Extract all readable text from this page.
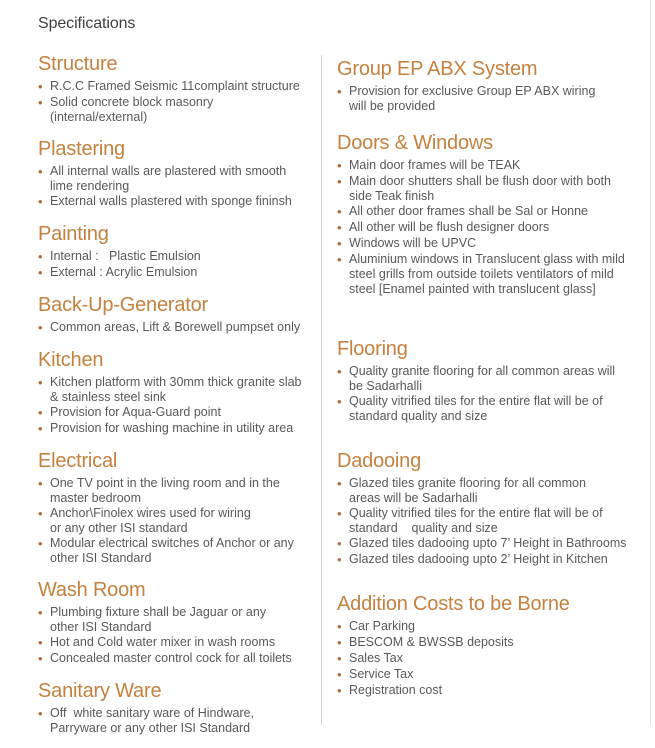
Specifications
Structure
•
R.C.C Framed Seismic 11complaint structure
•
Solid concrete block masonry
(internal/external)
Plastering
•
All internal walls are plastered with smooth
lime rendering
•
External walls plastered with sponge fininsh
Painting
•
Internal :   Plastic Emulsion
•
External : Acrylic Emulsion
Back-Up-Generator
•
Common areas, Lift & Borewell pumpset only
Kitchen
•
Kitchen platform with 30mm thick granite slab
& stainless steel sink
•
Provision for Aqua-Guard point
•
Provision for washing machine in utility area
Electrical
•
One TV point in the living room and in the
master bedroom
•
Anchor\Finolex wires used for wiring
or any other ISI standard
•
Modular electrical switches of Anchor or any
other ISI Standard
Wash Room
•
Plumbing fixture shall be Jaguar or any
other ISI Standard
•
Hot and Cold water mixer in wash rooms
•
Concealed master control cock for all toilets
Sanitary Ware
•
Off  white sanitary ware of Hindware,
Parryware or any other ISI Standard
Group EP ABX System
•
Provision for exclusive Group EP ABX wiring
will be provided
Doors & Windows
•
Main door frames will be TEAK
•
Main door shutters shall be flush door with both
side Teak finish
•
All other door frames shall be Sal or Honne
•
All other will be flush designer doors
•
Windows will be UPVC
•
Aluminium windows in Translucent glass with mild
steel grills from outside toilets ventilators of mild
steel [Enamel painted with translucent glass]
Flooring
•
Quality granite flooring for all common areas will
be Sadarhalli
•
Quality vitrified tiles for the entire flat will be of
standard quality and size
Dadooing
•
Glazed tiles granite flooring for all common
areas will be Sadarhalli
•
Quality vitrified tiles for the entire flat will be of
standard    quality and size
•
Glazed tiles dadooing upto 7’ Height in Bathrooms
•
Glazed tiles dadooing upto 2’ Height in Kitchen
Addition Costs to be Borne
•
Car Parking
•
BESCOM & BWSSB deposits
•
Sales Tax
•
Service Tax
•
Registration cost
